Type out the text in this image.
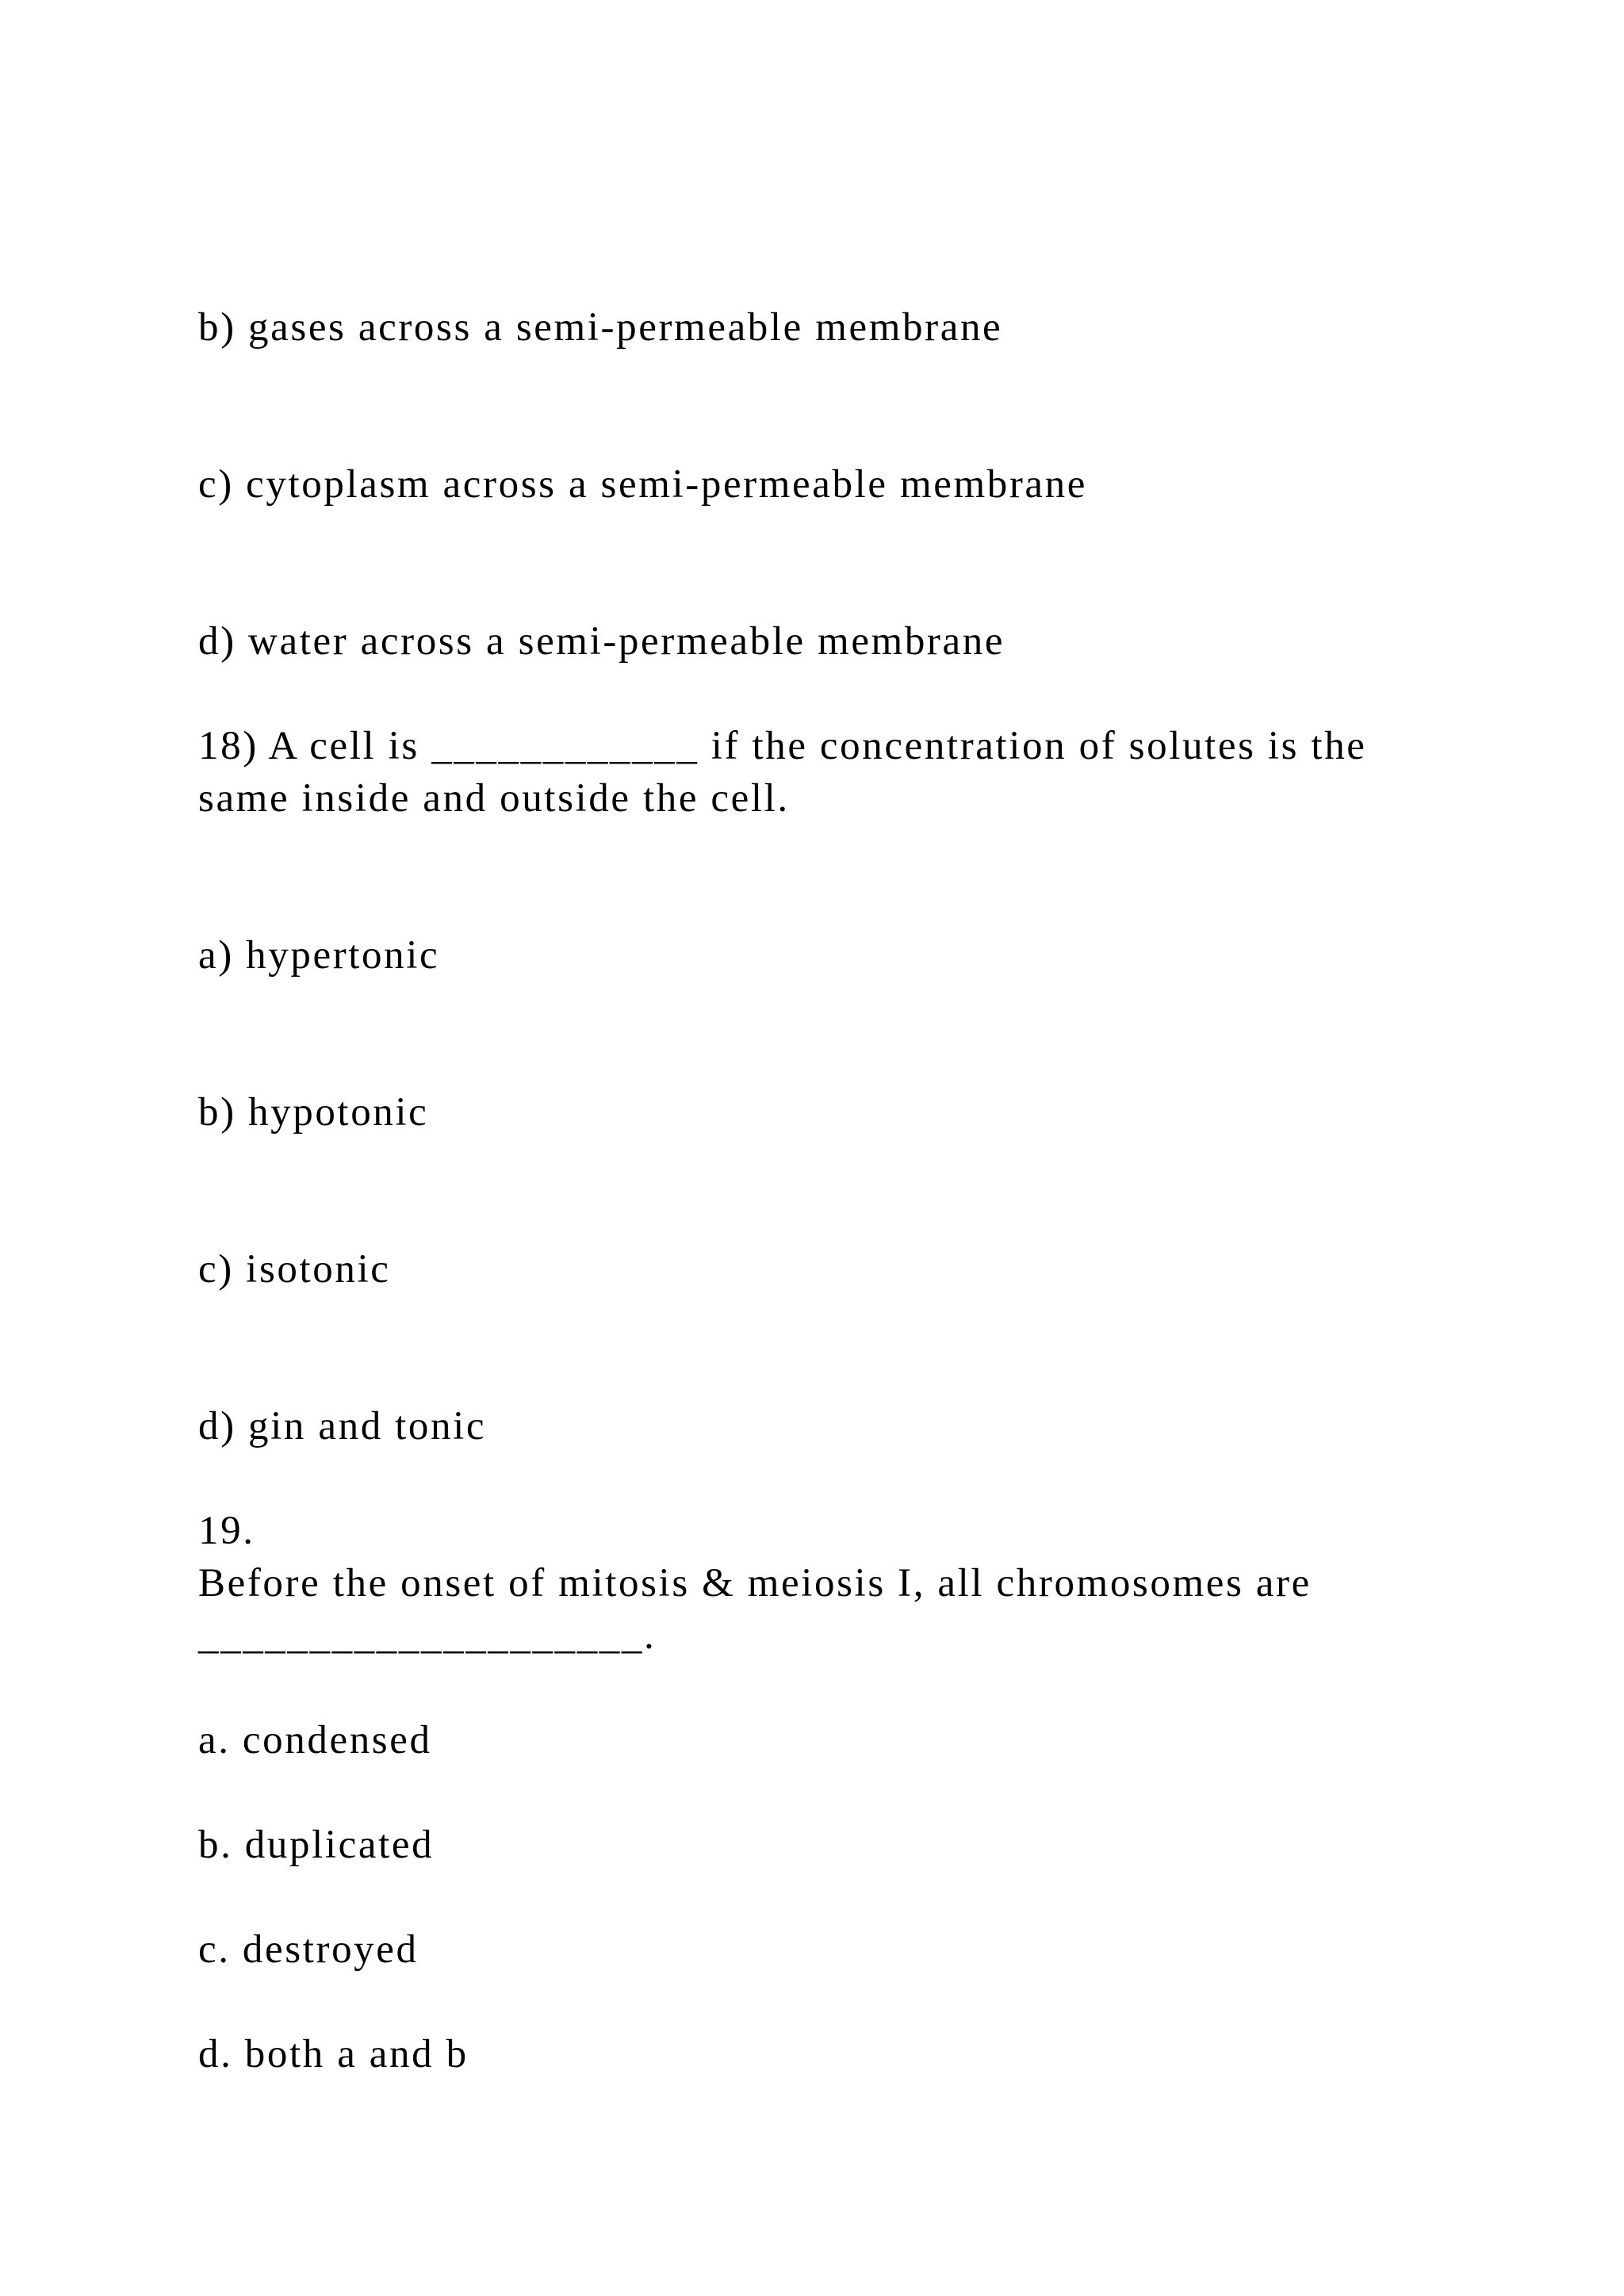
b) gases across a semi-permeable membrane
c) cytoplasm across a semi-permeable membrane
d) water across a semi-permeable membrane
18) A cell is ____________ if the concentration of solutes is the
same inside and outside the cell.
a) hypertonic
b) hypotonic
c) isotonic
d) gin and tonic
19.
Before the onset of mitosis & meiosis I, all chromosomes are
____________________.
a. condensed
b. duplicated
c. destroyed
d. both a and b
